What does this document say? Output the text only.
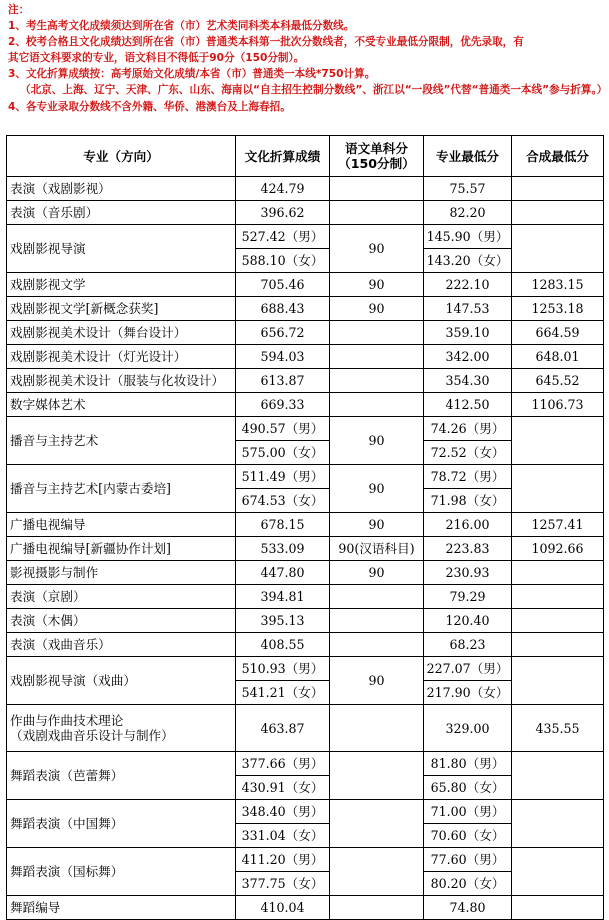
注：
1、考生高考文化成绩须达到所在省（市）艺术类同科类本科最低分数线。
2、校考合格且文化成绩达到所在省（市）普通类本科第一批次分数线者，不受专业最低分限制，优先录取，有
其它语文科要求的专业，语文科目不得低于90分（150分制）。
3、文化折算成绩按：高考原始文化成绩/本省（市）普通类一本线*750计算。
（北京、上海、辽宁、天津、广东、山东、海南以“自主招生控制分数线”、浙江以“一段线”代替“普通类一本线”参与折算。）
4、各专业录取分数线不含外籍、华侨、港澳台及上海春招。
专业（方向）	文化折算成绩	语文单科分
（150分制）	专业最低分	合成最低分
表演（戏剧影视）	424.79		75.57	
表演（音乐剧）	396.62		82.20	
戏剧影视导演	527.42（男）	90	145.90（男）	
	588.10（女）		143.20（女）	
戏剧影视文学	705.46	90	222.10	1283.15
戏剧影视文学[新概念获奖]	688.43	90	147.53	1253.18
戏剧影视美术设计（舞台设计）	656.72		359.10	664.59
戏剧影视美术设计（灯光设计）	594.03		342.00	648.01
戏剧影视美术设计（服装与化妆设计）	613.87		354.30	645.52
数字媒体艺术	669.33		412.50	1106.73
播音与主持艺术	490.57（男）	90	74.26（男）	
	575.00（女）		72.52（女）	
播音与主持艺术[内蒙古委培]	511.49（男）	90	78.72（男）	
	674.53（女）		71.98（女）	
广播电视编导	678.15	90	216.00	1257.41
广播电视编导[新疆协作计划]	533.09	90(汉语科目)	223.83	1092.66
影视摄影与制作	447.80	90	230.93	
表演（京剧）	394.81		79.29	
表演（木偶）	395.13		120.40	
表演（戏曲音乐）	408.55		68.23	
戏剧影视导演（戏曲）	510.93（男）	90	227.07（男）	
	541.21（女）		217.90（女）	

作曲与作曲技术理论
（戏剧戏曲音乐设计与制作）	463.87		329.00	435.55
舞蹈表演（芭蕾舞）	377.66（男）		81.80（男）	
	430.91（女）		65.80（女）	
舞蹈表演（中国舞）	348.40（男）		71.00（男）	
	331.04（女）		70.60（女）	
舞蹈表演（国标舞）	411.20（男）		77.60（男）	
	377.75（女）		80.20（女）	
舞蹈编导	410.04		74.80	
